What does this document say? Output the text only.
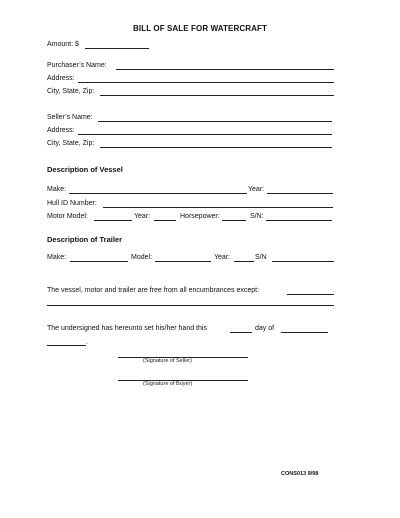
BILL OF SALE FOR WATERCRAFT
Amount: $
Purchaser’s Name:
Address:
City, State, Zip:
Seller’s Name:
Address:
City, State, Zip:
Description of Vessel
Make:	Year:
Hull ID Number:
Motor Model:	Year:	Horsepower:	S/N:
Description of Trailer
Make:	Model:	Year:	S/N
The vessel, motor and trailer are free from all encumbrances except:
The undersigned has hereunto set his/her hand this	day of
.
(Signature of Seller)
(Signature of Buyer)
CONS013 9/98
